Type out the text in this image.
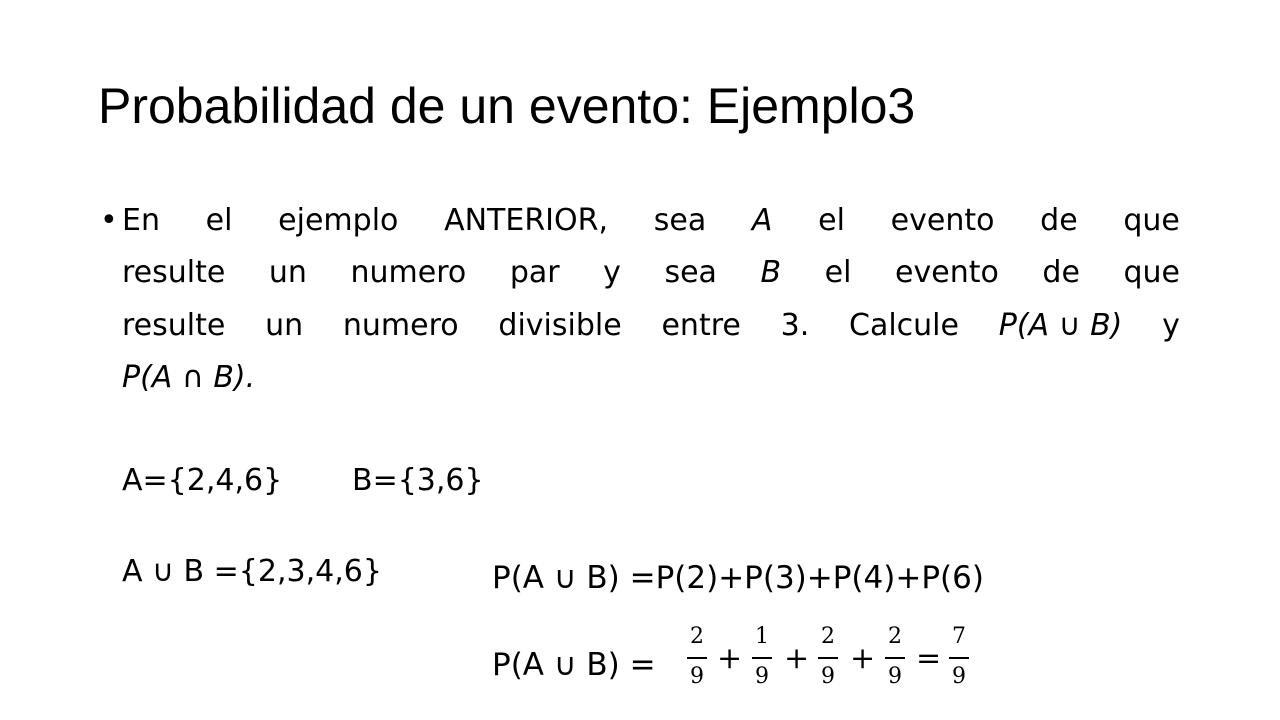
Probabilidad de un evento: Ejemplo3
• En el ejemplo ANTERIOR, sea A el evento de que
resulte un numero par y sea B el evento de que
resulte un numero divisible entre 3. Calcule P(A ∪ B) y
P(A ∩ B).
A={2,4,6} B={3,6}
A ∪ B ={2,3,4,6}	P(A ∪ B) =P(2)+P(3)+P(4)+P(6)
P(A ∪ B) =
2
9
+
1
9
+
2
9
+
2
9
=
7
9
